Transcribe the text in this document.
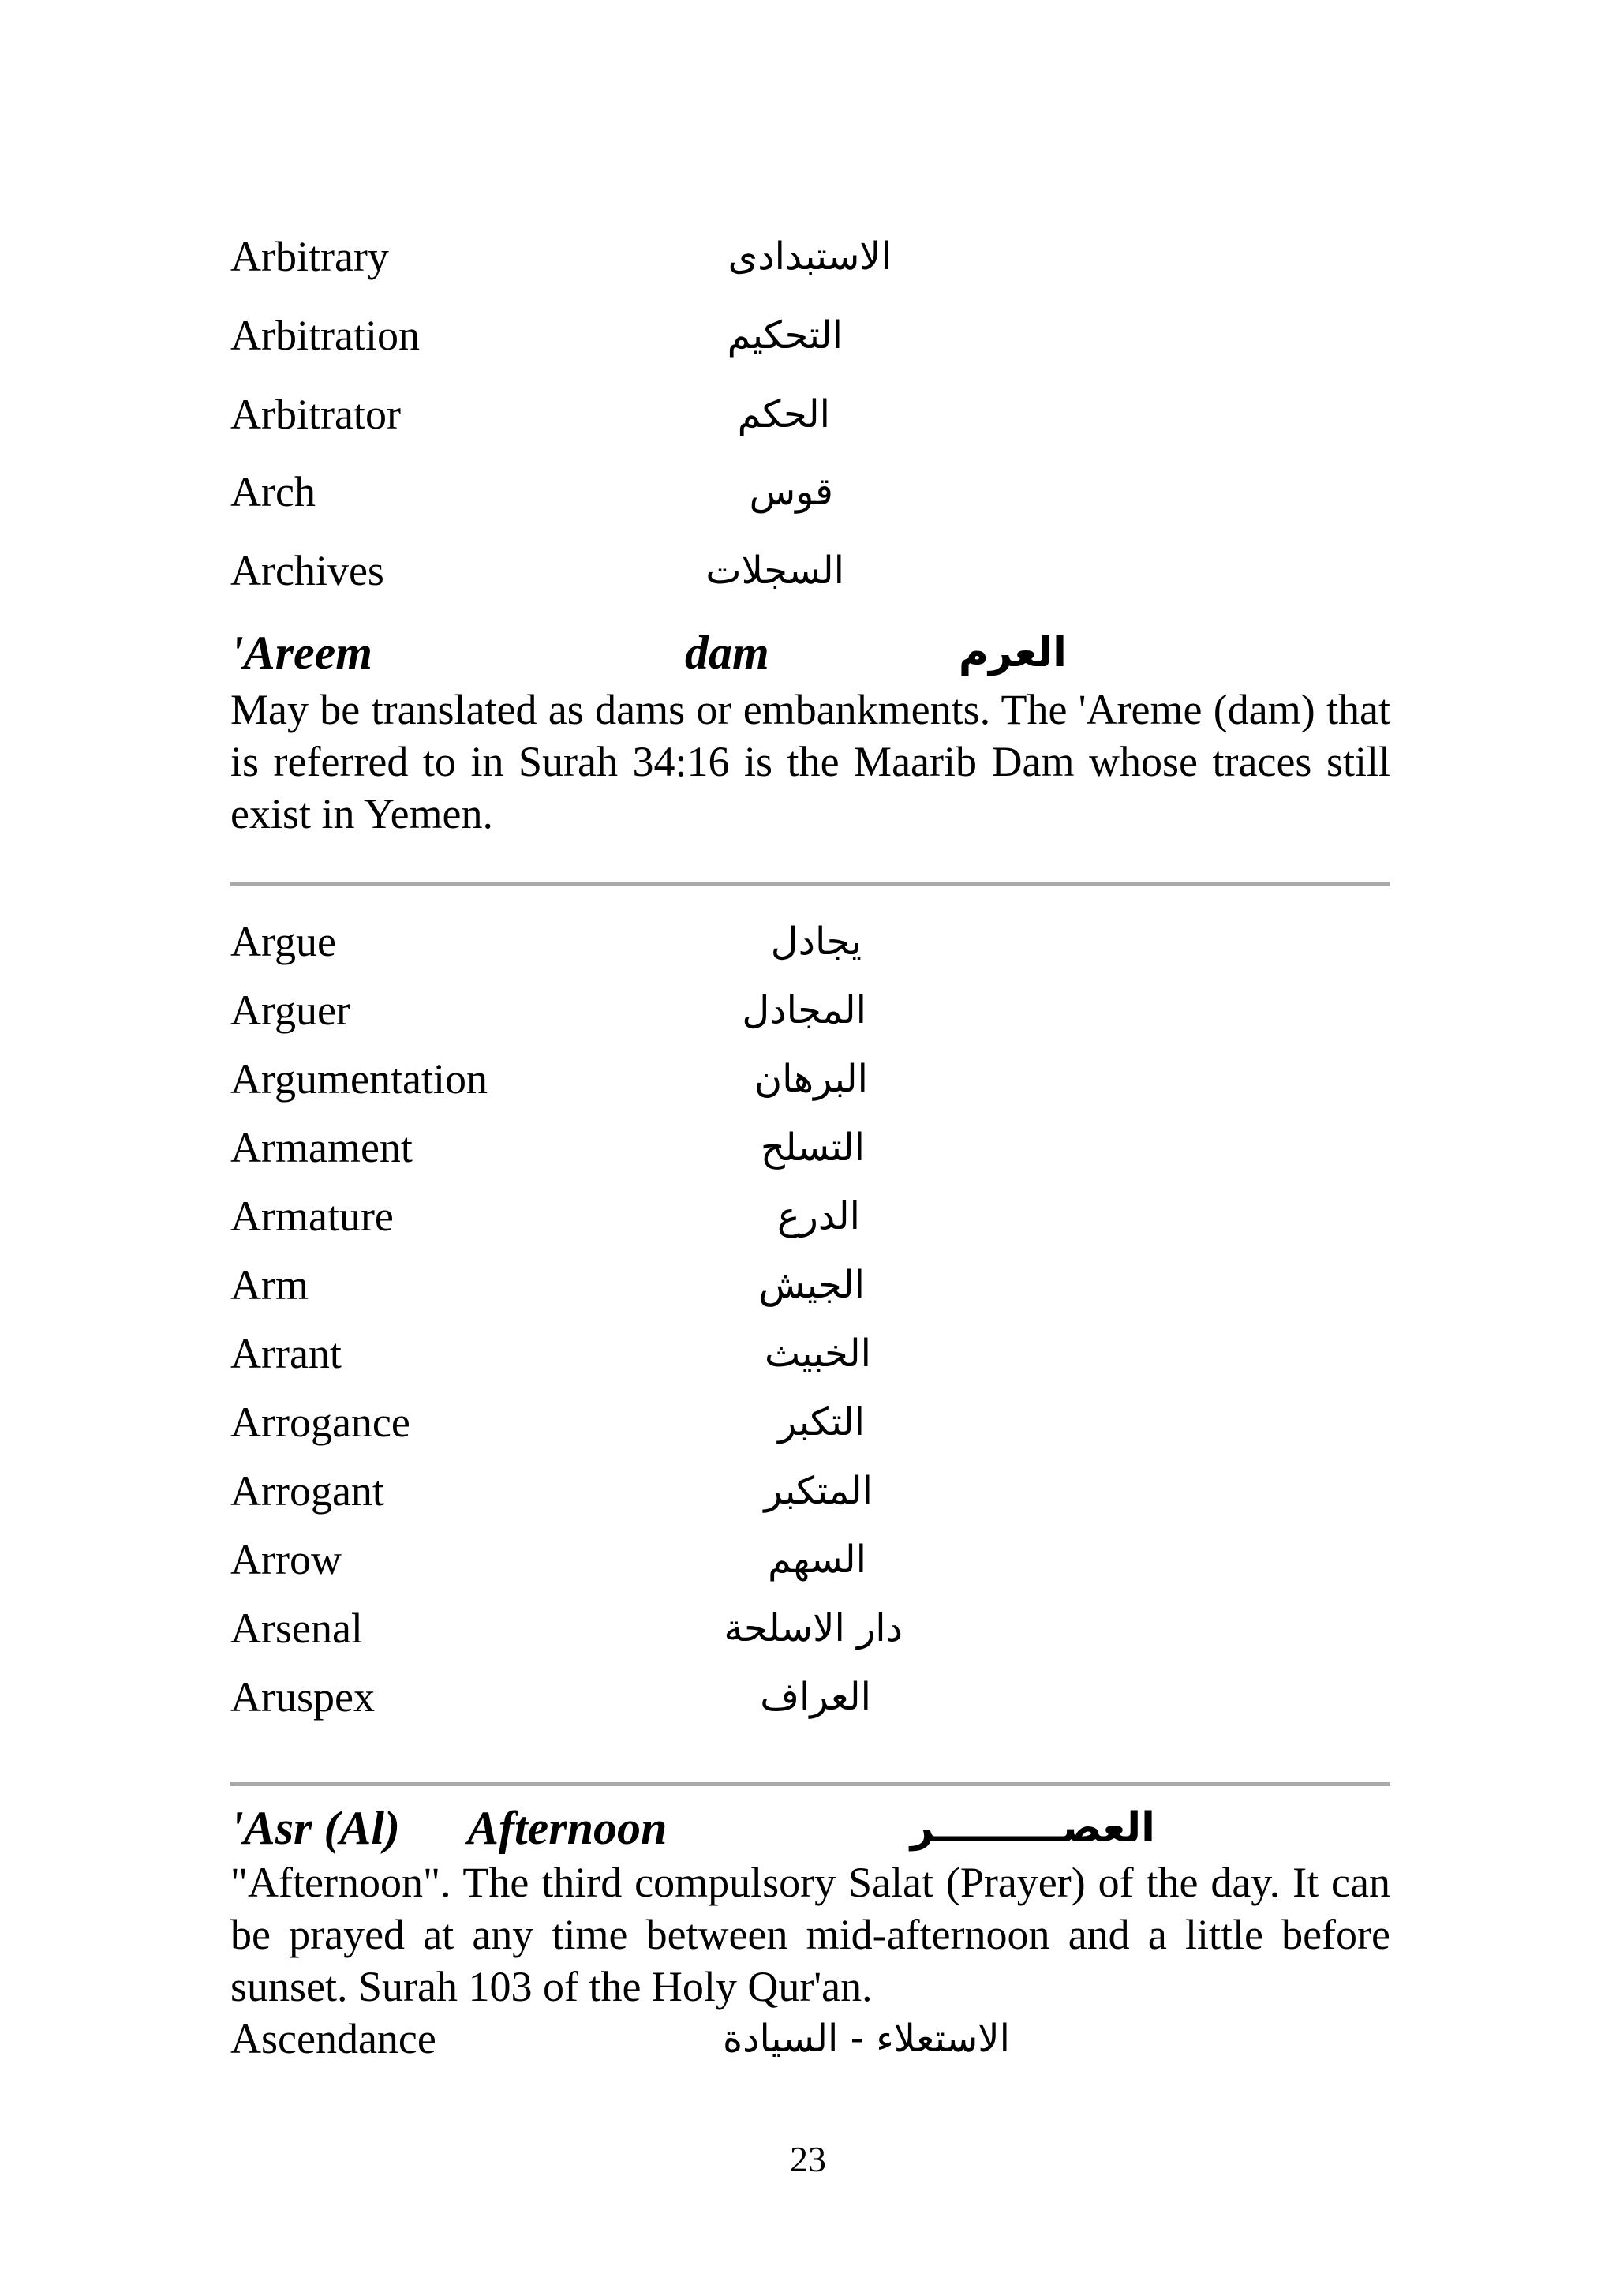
Arbitrary	الاستبدادى
Arbitration	التحكيم
Arbitrator	الحكم
Arch	قوس
Archives	السجلات
'Areem	dam	العرم

May be translated as dams or embankments. The 'Areme (dam) that is referred to in Surah 34:16 is the Maarib Dam whose traces still exist in Yemen.

Argue	يجادل
Arguer	المجادل
Argumentation	البرهان
Armament	التسلح
Armature	الدرع
Arm	الجيش
Arrant	الخبيث
Arrogance	التكبر
Arrogant	المتكبر
Arrow	السهم
Arsenal	دار الاسلحة
Aruspex	العراف
'Asr (Al) Afternoon	العصـــــــــر

"Afternoon". The third compulsory Salat (Prayer) of the day. It can be prayed at any time between mid-afternoon and a little before sunset. Surah 103 of the Holy Qur'an.

Ascendance	الاستعلاء - السيادة
23
